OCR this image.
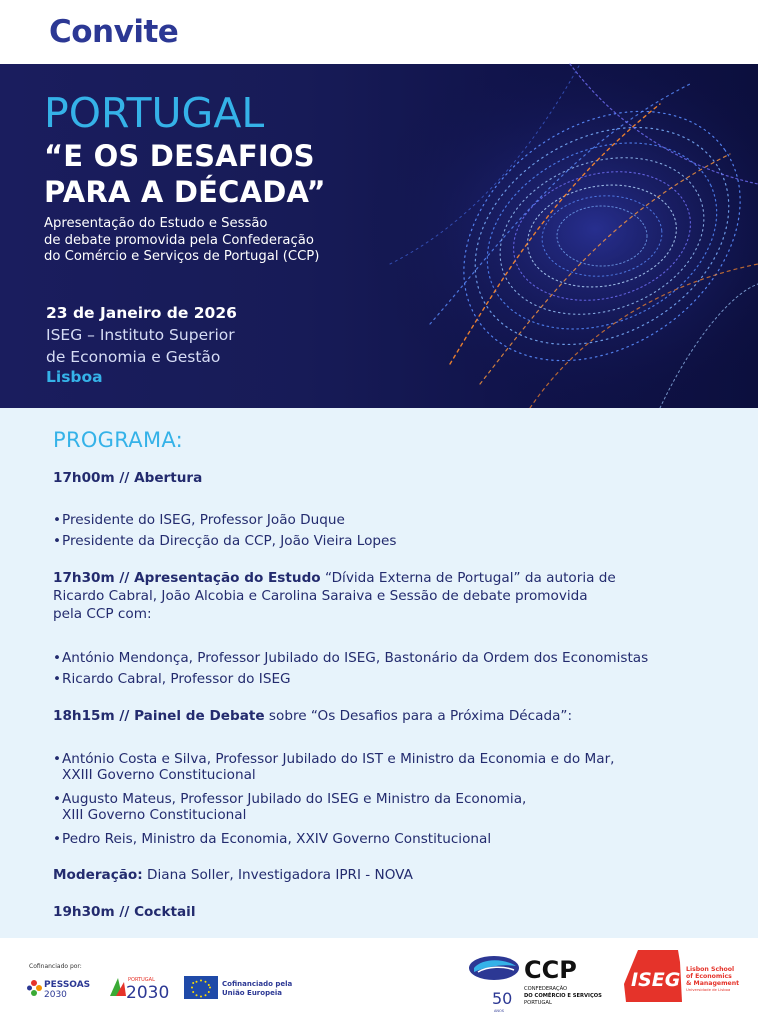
Convite
PORTUGAL
“E OS DESAFIOS
PARA A DÉCADA”
Apresentação do Estudo e Sessão
de debate promovida pela Confederação
do Comércio e Serviços de Portugal (CCP)
23 de Janeiro de 2026
ISEG – Instituto Superior
de Economia e Gestão
Lisboa
PROGRAMA:
17h00m // Abertura
•Presidente do ISEG, Professor João Duque
•Presidente da Direcção da CCP, João Vieira Lopes
17h30m // Apresentação do Estudo “Dívida Externa de Portugal” da autoria de
Ricardo Cabral, João Alcobia e Carolina Saraiva e Sessão de debate promovida
pela CCP com:
•António Mendonça, Professor Jubilado do ISEG, Bastonário da Ordem dos Economistas
•Ricardo Cabral, Professor do ISEG
18h15m // Painel de Debate sobre “Os Desafios para a Próxima Década”:
•António Costa e Silva, Professor Jubilado do IST e Ministro da Economia e do Mar,
XXIII Governo Constitucional
•Augusto Mateus, Professor Jubilado do ISEG e Ministro da Economia,
XIII Governo Constitucional
•Pedro Reis, Ministro da Economia, XXIV Governo Constitucional
Moderação: Diana Soller, Investigadora IPRI - NOVA
19h30m // Cocktail
Cofinanciado por:
PESSOAS
2030
PORTUGAL
2030	Cofinanciado pela
União Europeia
CCP
50
ANOS
CONFEDERAÇÃO
DO COMÉRCIO E SERVIÇOS
PORTUGAL
ISEG Lisbon School
of Economics
& Management
Universidade de Lisboa
